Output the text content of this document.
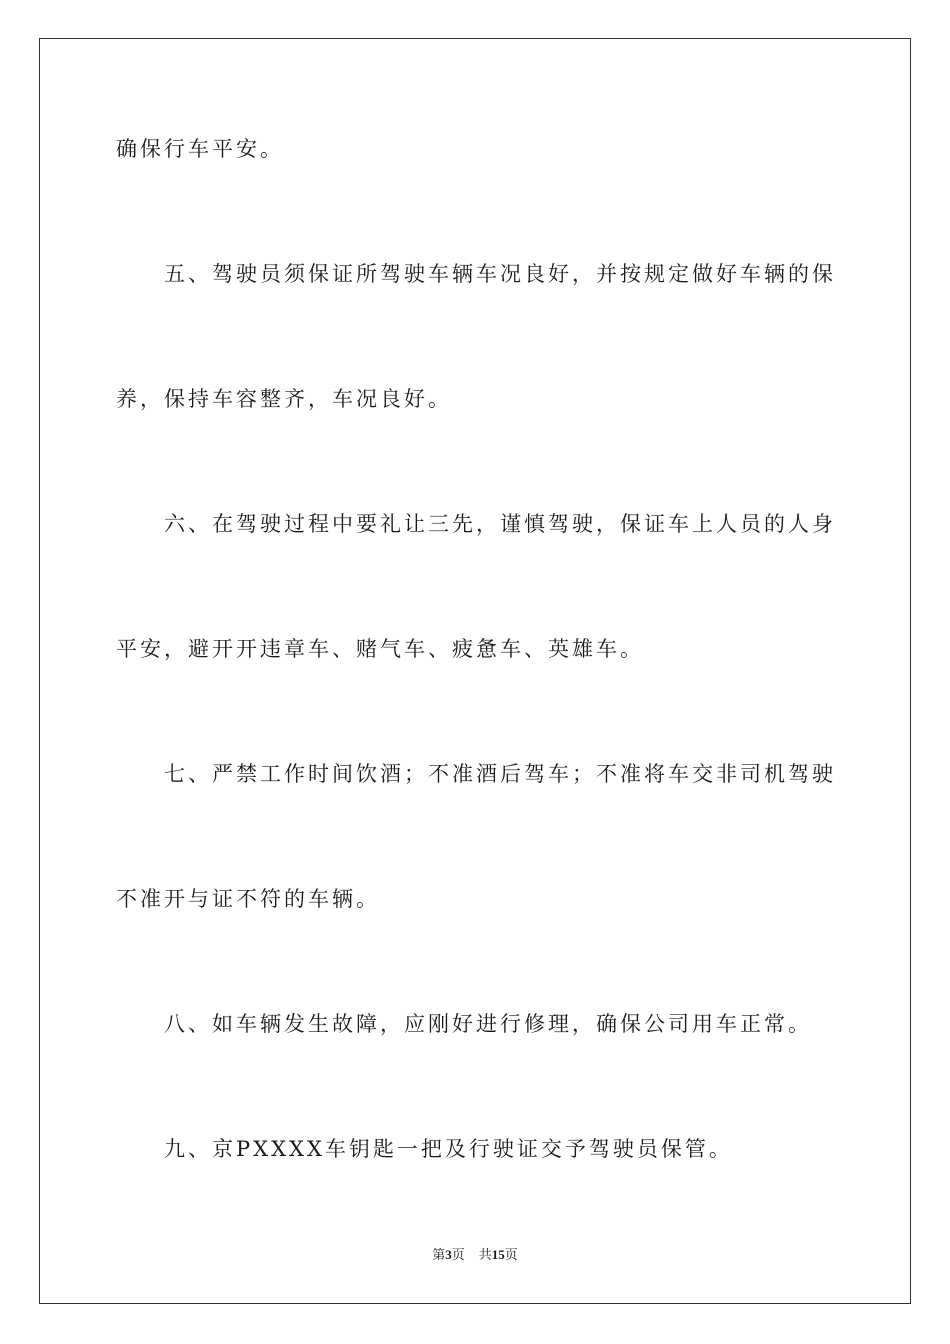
确保行车平安。
　　五、驾驶员须保证所驾驶车辆车况良好，并按规定做好车辆的保
养，保持车容整齐，车况良好。
　　六、在驾驶过程中要礼让三先，谨慎驾驶，保证车上人员的人身
平安，避开开违章车、赌气车、疲惫车、英雄车。
　　七、严禁工作时间饮酒；不准酒后驾车；不准将车交非司机驾驶
不准开与证不符的车辆。
　　八、如车辆发生故障，应刚好进行修理，确保公司用车正常。
　　九、京PXXXX车钥匙一把及行驶证交予驾驶员保管。
第3页 共15页
